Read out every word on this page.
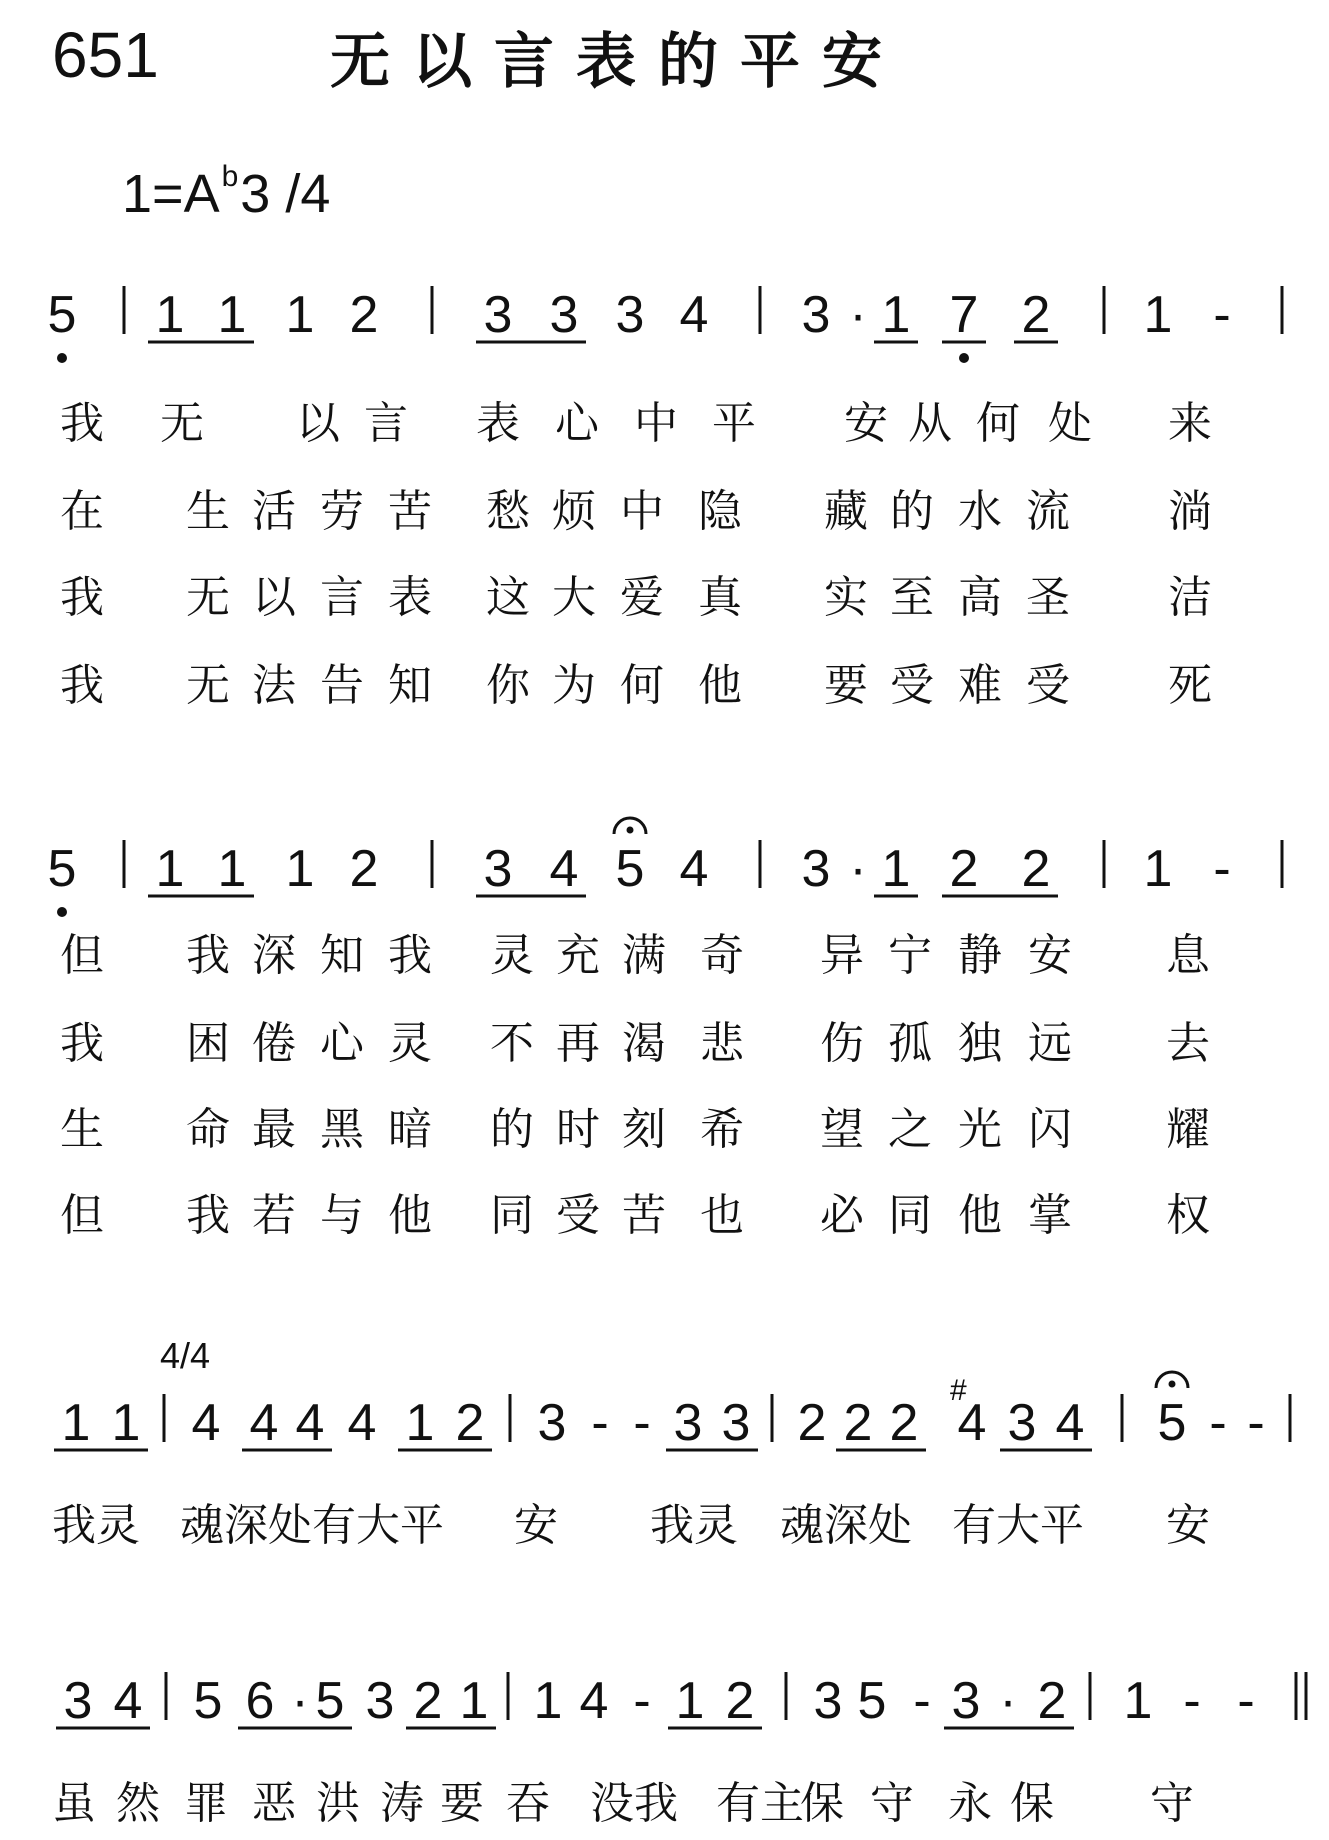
651	无以言表的平安
$1=A^b3$ /4
5 1 1 1 2 3 3 3 4 3 · 1 7 2 1 -
我 无 以 言 表 心 中 平 安 从 何 处 来
在 生 活 劳 苦 愁 烦 中 隐 藏 的 水 流 淌
我 无 以 言 表 这 大 爱 真 实 至 高 圣 洁
我 无 法 告 知 你 为 何 他 要 受 难 受 死
5 1 1 1 2 3 4 5 4 3 · 1 2 2 1 -
但 我 深 知 我 灵 充 满 奇 异 宁 静 安 息
我 困 倦 心 灵 不 再 渴 悲 伤 孤 独 远 去
生 命 最 黑 暗 的 时 刻 希 望 之 光 闪 耀
但 我 若 与 他 同 受 苦 也 必 同 他 掌 权
4/4
1 1 4 4 4 4 1 2 3 - - 3 3 2 2 2
#
4 3 4 5 - -
我灵 魂深处有大平 安 我灵 魂深处 有大平 安
3 4 5 6 · 5 3 2 1 1 4 - 1 2 3 5 - 3 · 2 1 - -
虽 然 罪 恶 洪 涛 要 吞 没我 有主
保 守 永 保 守
